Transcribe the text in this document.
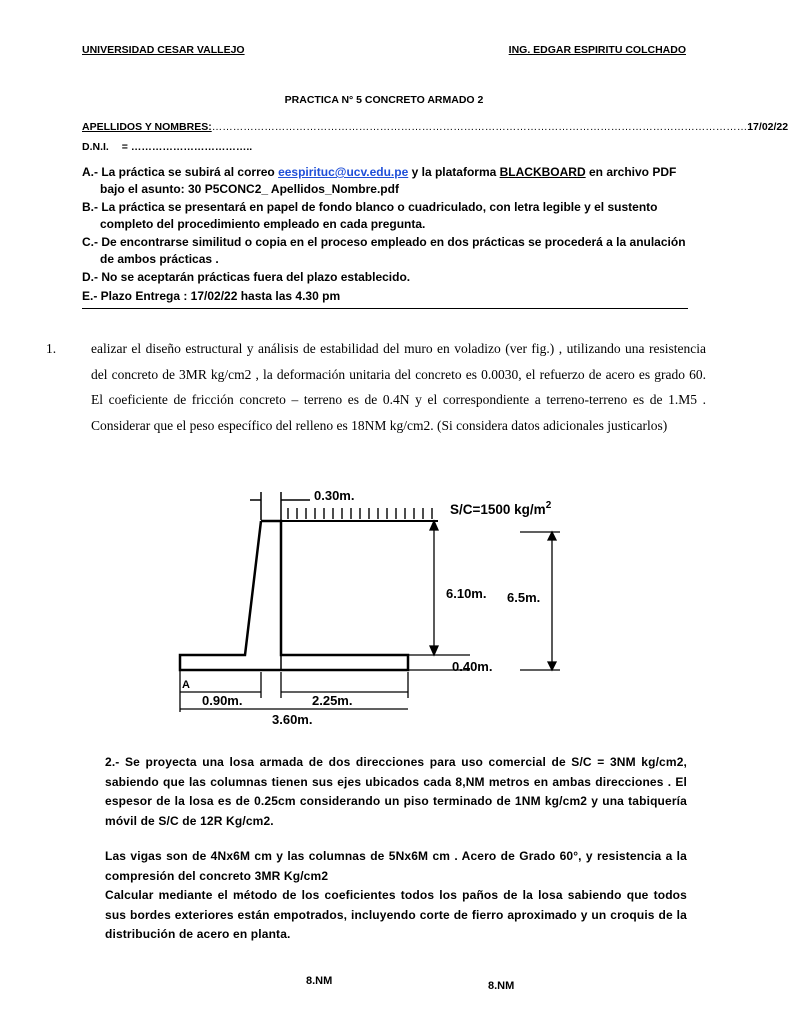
UNIVERSIDAD CESAR VALLEJO	ING. EDGAR ESPIRITU COLCHADO
PRACTICA N° 5 CONCRETO ARMADO 2
APELLIDOS Y NOMBRES:………………………………………………………………………………………………………………………………………17/02/22
D.N.I. = ……………………………..
A.- La práctica se subirá al correo eespirituc@ucv.edu.pe y la plataforma BLACKBOARD en archivo PDF
bajo el asunto: 30 P5CONC2_ Apellidos_Nombre.pdf
B.- La práctica se presentará en papel de fondo blanco o cuadriculado, con letra legible y el sustento
completo del procedimiento empleado en cada pregunta.
C.- De encontrarse similitud o copia en el proceso empleado en dos prácticas se procederá a la anulación
de ambos prácticas .
D.- No se aceptarán prácticas fuera del plazo establecido.
E.- Plazo Entrega : 17/02/22 hasta las 4.30 pm
1.	ealizar el diseño estructural y análisis de estabilidad del muro en voladizo (ver fig.) , utilizando una resistencia del concreto de 3MR kg/cm2 , la deformación unitaria del concreto es 0.0030, el refuerzo de acero es grado 60. El coeficiente de fricción concreto – terreno es de 0.4N y el correspondiente a terreno-terreno es de 1.M5 . Considerar que el peso específico del relleno es 18NM kg/cm2. (Si considera datos adicionales justicarlos)
0.30m.
S/C=1500 $kg/m^2$
6.10m. 6.5m.
0.40m.
A
0.90m.	2.25m.
3.60m.
2.- Se proyecta una losa armada de dos direcciones para uso comercial de S/C = 3NM kg/cm2, sabiendo que las columnas tienen sus ejes ubicados cada 8,NM metros en ambas direcciones . El espesor de la losa es de 0.25cm considerando un piso terminado de 1NM kg/cm2 y una tabiquería móvil de S/C de 12R Kg/cm2.
Las vigas son de 4Nx6M cm y las columnas de 5Nx6M cm . Acero de Grado 60°, y resistencia a la compresión del concreto 3MR Kg/cm2
Calcular mediante el método de los coeficientes todos los paños de la losa sabiendo que todos sus bordes exteriores están empotrados, incluyendo corte de fierro aproximado y un croquis de la distribución de acero en planta.
8.NM	8.NM
